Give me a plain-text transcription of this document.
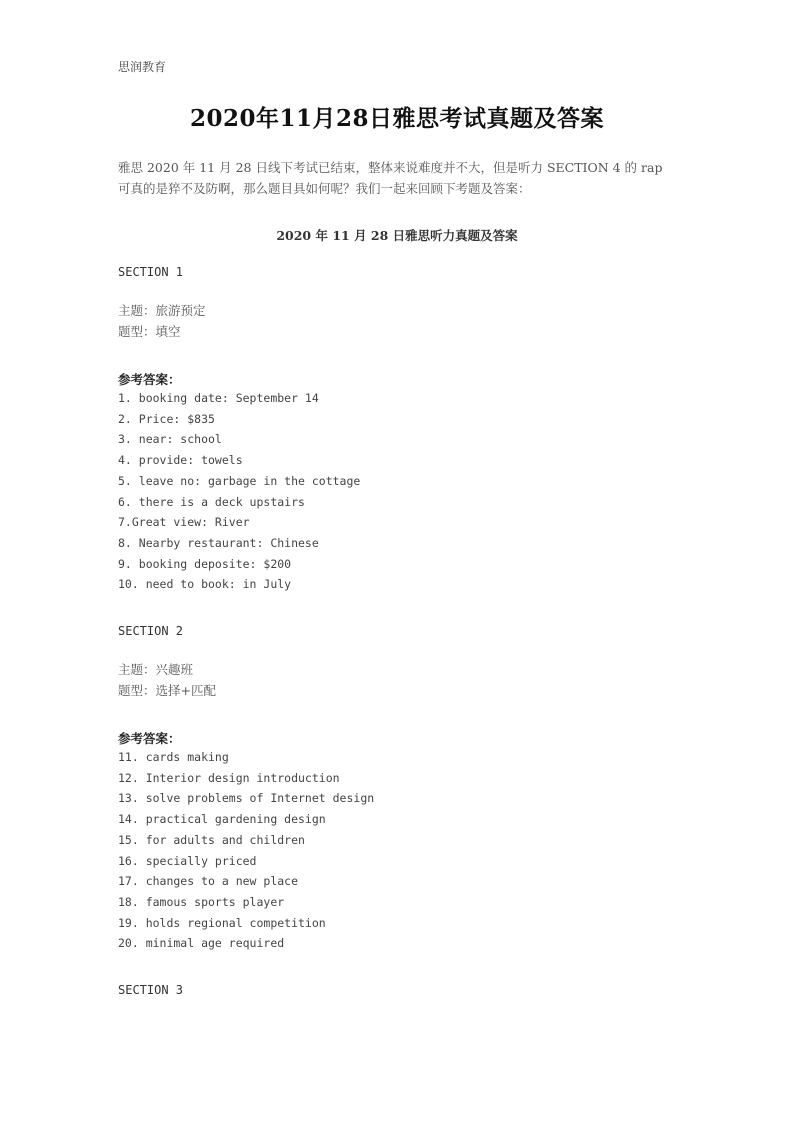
思润教育
2020年11月28日雅思考试真题及答案

雅思 2020 年 11 月 28 日线下考试已结束，整体来说难度并不大，但是听力 SECTION 4 的 rap

可真的是猝不及防啊，那么题目具如何呢？我们一起来回顾下考题及答案：

2020 年 11 月 28 日雅思听力真题及答案
SECTION 1
主题：旅游预定
题型：填空
参考答案：
1. booking date: September 14
2. Price: $835
3. near: school
4. provide: towels
5. leave no: garbage in the cottage
6. there is a deck upstairs
7.Great view: River
8. Nearby restaurant: Chinese
9. booking deposite: $200
10. need to book: in July
SECTION 2
主题：兴趣班
题型：选择+匹配
参考答案：
11. cards making
12. Interior design introduction
13. solve problems of Internet design
14. practical gardening design
15. for adults and children
16. specially priced
17. changes to a new place
18. famous sports player
19. holds regional competition
20. minimal age required
SECTION 3
